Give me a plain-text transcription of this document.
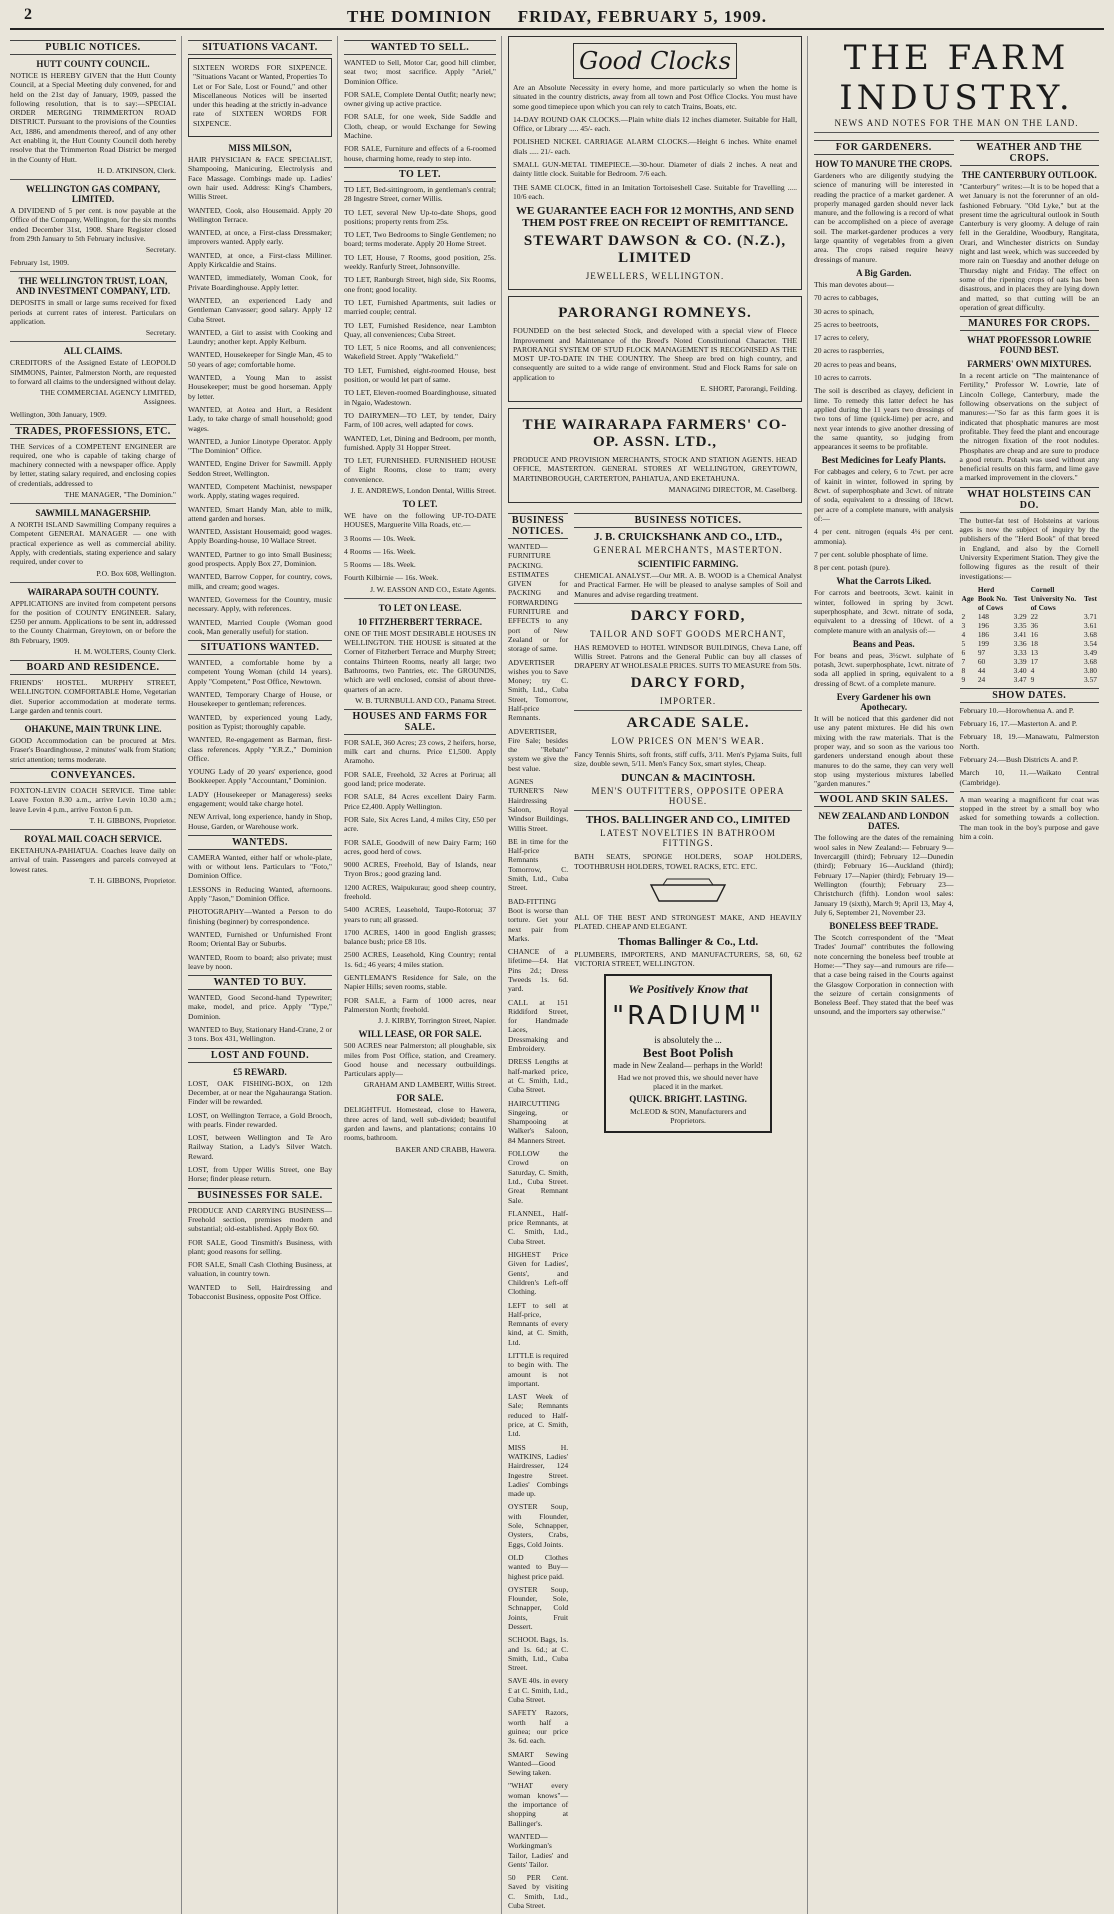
2	THE DOMINION FRIDAY, FEBRUARY 5, 1909.
PUBLIC NOTICES.
HUTT COUNTY COUNCIL.

NOTICE IS HEREBY GIVEN that the Hutt County Council, at a Special Meeting duly convened, for and held on the 21st day of January, 1909, passed the following resolution, that is to say:—SPECIAL ORDER MERGING TRIMMERTON ROAD DISTRICT. Pursuant to the provisions of the Counties Act, 1886, and amendments thereof, and of any other Act enabling it, the Hutt County Council doth hereby resolve that the Trimmerton Road District be merged in the County of Hutt.

H. D. ATKINSON, Clerk.

WELLINGTON GAS COMPANY, LIMITED.

A DIVIDEND of 5 per cent. is now payable at the Office of the Company, Wellington, for the six months ended December 31st, 1908. Share Register closed from 29th January to 5th February inclusive.

Secretary.

February 1st, 1909.

THE WELLINGTON TRUST, LOAN, AND INVESTMENT COMPANY, LTD.

DEPOSITS in small or large sums received for fixed periods at current rates of interest. Particulars on application.

Secretary.

ALL CLAIMS.

CREDITORS of the Assigned Estate of LEOPOLD SIMMONS, Painter, Palmerston North, are requested to forward all claims to the undersigned without delay.

THE COMMERCIAL AGENCY LIMITED, Assignees.

Wellington, 30th January, 1909.

TRADES, PROFESSIONS, ETC.

THE Services of a COMPETENT ENGINEER are required, one who is capable of taking charge of machinery connected with a newspaper office. Apply by letter, stating salary required, and enclosing copies of credentials, addressed to

THE MANAGER, "The Dominion."

SAWMILL MANAGERSHIP.

A NORTH ISLAND Sawmilling Company requires a Competent GENERAL MANAGER — one with practical experience as well as commercial ability. Apply, with credentials, stating experience and salary required, under cover to

P.O. Box 608, Wellington.

WAIRARAPA SOUTH COUNTY.

APPLICATIONS are invited from competent persons for the position of COUNTY ENGINEER. Salary, £250 per annum. Applications to be sent in, addressed to the County Chairman, Greytown, on or before the 8th February, 1909.

H. M. WOLTERS, County Clerk.

BOARD AND RESIDENCE.

FRIENDS' HOSTEL. MURPHY STREET, WELLINGTON. COMFORTABLE Home, Vegetarian diet. Superior accommodation at moderate terms. Large garden and tennis court.

OHAKUNE, MAIN TRUNK LINE.

GOOD Accommodation can be procured at Mrs. Fraser's Boardinghouse, 2 minutes' walk from Station; strict attention; terms moderate.

CONVEYANCES.

FOXTON-LEVIN COACH SERVICE. Time table: Leave Foxton 8.30 a.m., arrive Levin 10.30 a.m.; leave Levin 4 p.m., arrive Foxton 6 p.m.

T. H. GIBBONS, Proprietor.

ROYAL MAIL COACH SERVICE.

EKETAHUNA-PAHIATUA. Coaches leave daily on arrival of train. Passengers and parcels conveyed at lowest rates.

T. H. GIBBONS, Proprietor.

SITUATIONS VACANT.

SIXTEEN WORDS FOR SIXPENCE. "Situations Vacant or Wanted, Properties To Let or For Sale, Lost or Found," and other Miscellaneous Notices will be inserted under this heading at the strictly in-advance rate of SIXTEEN WORDS FOR SIXPENCE.

MISS MILSON,

HAIR PHYSICIAN & FACE SPECIALIST, Shampooing, Manicuring, Electrolysis and Face Massage. Combings made up. Ladies' own hair used. Address: King's Chambers, Willis Street.

WANTED, Cook, also Housemaid. Apply 20 Wellington Terrace.

WANTED, at once, a First-class Dressmaker; improvers wanted. Apply early.

WANTED, at once, a First-class Milliner. Apply Kirkcaldie and Stains.

WANTED, immediately, Woman Cook, for Private Boardinghouse. Apply letter.

WANTED, an experienced Lady and Gentleman Canvasser; good salary. Apply 12 Cuba Street.

WANTED, a Girl to assist with Cooking and Laundry; another kept. Apply Kelburn.

WANTED, Housekeeper for Single Man, 45 to 50 years of age; comfortable home.

WANTED, a Young Man to assist Housekeeper; must be good horseman. Apply by letter.

WANTED, at Aotea and Hurt, a Resident Lady, to take charge of small household; good wages.

WANTED, a Junior Linotype Operator. Apply "The Dominion" Office.

WANTED, Engine Driver for Sawmill. Apply Seddon Street, Wellington.

WANTED, Competent Machinist, newspaper work. Apply, stating wages required.

WANTED, Smart Handy Man, able to milk, attend garden and horses.

WANTED, Assistant Housemaid; good wages. Apply Boarding-house, 10 Wallace Street.

WANTED, Partner to go into Small Business; good prospects. Apply Box 27, Dominion.

WANTED, Barrow Copper, for country, cows, milk, and cream; good wages.

WANTED, Governess for the Country, music necessary. Apply, with references.

WANTED, Married Couple (Woman good cook, Man generally useful) for station.

SITUATIONS WANTED.

WANTED, a comfortable home by a competent Young Woman (child 14 years). Apply "Competent," Post Office, Newtown.

WANTED, Temporary Charge of House, or Housekeeper to gentleman; references.

WANTED, by experienced young Lady, position as Typist; thoroughly capable.

WANTED, Re-engagement as Barman, first-class references. Apply "Y.R.Z.," Dominion Office.

YOUNG Lady of 20 years' experience, good Bookkeeper. Apply "Accountant," Dominion.

LADY (Housekeeper or Manageress) seeks engagement; would take charge hotel.

NEW Arrival, long experience, handy in Shop, House, Garden, or Warehouse work.

WANTEDS.

CAMERA Wanted, either half or whole-plate, with or without lens. Particulars to "Foto," Dominion Office.

LESSONS in Reducing Wanted, afternoons. Apply "Jason," Dominion Office.

PHOTOGRAPHY—Wanted a Person to do finishing (beginner) by correspondence.

WANTED, Furnished or Unfurnished Front Room; Oriental Bay or Suburbs.

WANTED, Room to board; also private; must leave by noon.

WANTED TO BUY.

WANTED, Good Second-hand Typewriter; make, model, and price. Apply "Type," Dominion.

WANTED to Buy, Stationary Hand-Crane, 2 or 3 tons. Box 431, Wellington.

LOST AND FOUND.
£5 REWARD.

LOST, OAK FISHING-BOX, on 12th December, at or near the Ngahauranga Station. Finder will be rewarded.

LOST, on Wellington Terrace, a Gold Brooch, with pearls. Finder rewarded.

LOST, between Wellington and Te Aro Railway Station, a Lady's Silver Watch. Reward.

LOST, from Upper Willis Street, one Bay Horse; finder please return.

BUSINESSES FOR SALE.

PRODUCE AND CARRYING BUSINESS—Freehold section, premises modern and substantial; old-established. Apply Box 60.

FOR SALE, Good Tinsmith's Business, with plant; good reasons for selling.

FOR SALE, Small Cash Clothing Business, at valuation, in country town.

WANTED to Sell, Hairdressing and Tobacconist Business, opposite Post Office.

WANTED TO SELL.

WANTED to Sell, Motor Car, good hill climber, seat two; most sacrifice. Apply "Ariel," Dominion Office.

FOR SALE, Complete Dental Outfit; nearly new; owner giving up active practice.

FOR SALE, for one week, Side Saddle and Cloth, cheap, or would Exchange for Sewing Machine.

FOR SALE, Furniture and effects of a 6-roomed house, charming home, ready to step into.

TO LET.

TO LET, Bed-sittingroom, in gentleman's central; 28 Ingestre Street, corner Willis.

TO LET, several New Up-to-date Shops, good positions; property rents from 25s.

TO LET, Two Bedrooms to Single Gentlemen; no board; terms moderate. Apply 20 Home Street.

TO LET, House, 7 Rooms, good position, 25s. weekly. Ranfurly Street, Johnsonville.

TO LET, Ranburgh Street, high side, Six Rooms, one front; good locality.

TO LET, Furnished Apartments, suit ladies or married couple; central.

TO LET, Furnished Residence, near Lambton Quay, all conveniences; Cuba Street.

TO LET, 5 nice Rooms, and all conveniences; Wakefield Street. Apply "Wakefield."

TO LET, Furnished, eight-roomed House, best position, or would let part of same.

TO LET, Eleven-roomed Boardinghouse, situated in Ngaio, Wadestown.

TO DAIRYMEN—TO LET, by tender, Dairy Farm, of 100 acres, well adapted for cows.

WANTED, Let, Dining and Bedroom, per month, furnished. Apply 31 Hopper Street.

TO LET, FURNISHED. FURNISHED HOUSE of Eight Rooms, close to tram; every convenience.

J. E. ANDREWS, London Dental, Willis Street.

TO LET.

WE have on the following UP-TO-DATE HOUSES, Marguerite Villa Roads, etc.—

3 Rooms — 10s. Week.

4 Rooms — 16s. Week.

5 Rooms — 18s. Week.

Fourth Kilbirnie — 16s. Week.

J. W. EASSON AND CO., Estate Agents.

TO LET ON LEASE.
10 FITZHERBERT TERRACE.

ONE OF THE MOST DESIRABLE HOUSES IN WELLINGTON. THE HOUSE is situated at the Corner of Fitzherbert Terrace and Murphy Street; contains Thirteen Rooms, nearly all large; two Bathrooms, two Pantries, etc. The GROUNDS, which are well enclosed, consist of about three-quarters of an acre.

W. B. TURNBULL AND CO., Panama Street.

HOUSES AND FARMS FOR SALE.

FOR SALE, 360 Acres; 23 cows, 2 heifers, horse, milk cart and churns. Price £1,500. Apply Aramoho.

FOR SALE, Freehold, 32 Acres at Porirua; all good land; price moderate.

FOR SALE, 84 Acres excellent Dairy Farm. Price £2,400. Apply Wellington.

FOR Sale, Six Acres Land, 4 miles City, £50 per acre.

FOR SALE, Goodwill of new Dairy Farm; 160 acres, good herd of cows.

9000 ACRES, Freehold, Bay of Islands, near Tryon Bros.; good grazing land.

1200 ACRES, Waipukurau; good sheep country, freehold.

5400 ACRES, Leasehold, Taupo-Rotorua; 37 years to run; all grassed.

1700 ACRES, 1400 in good English grasses; balance bush; price £8 10s.

2500 ACRES, Leasehold, King Country; rental 1s. 6d.; 46 years; 4 miles station.

GENTLEMAN'S Residence for Sale, on the Napier Hills; seven rooms, stable.

FOR SALE, a Farm of 1000 acres, near Palmerston North; freehold.

J. J. KIRBY, Torrington Street, Napier.

WILL LEASE, OR FOR SALE.

500 ACRES near Palmerston; all ploughable, six miles from Post Office, station, and Creamery. Good house and necessary outbuildings. Particulars apply—

GRAHAM AND LAMBERT, Willis Street.

FOR SALE.

DELIGHTFUL Homestead, close to Hawera, three acres of land, well sub-divided; beautiful garden and lawns, and plantations; contains 10 rooms, bathroom.

BAKER AND CRABB, Hawera.

Good Clocks

Are an Absolute Necessity in every home, and more particularly so when the home is situated in the country districts, away from all town and Post Office Clocks. You must have some good timepiece upon which you can rely to catch Trains, Boats, etc.

14-DAY ROUND OAK CLOCKS.—Plain white dials 12 inches diameter. Suitable for Hall, Office, or Library ..... 45/- each.

POLISHED NICKEL CARRIAGE ALARM CLOCKS.—Height 6 inches. White enamel dials ..... 21/- each.

SMALL GUN-METAL TIMEPIECE.—30-hour. Diameter of dials 2 inches. A neat and dainty little clock. Suitable for Bedroom. 7/6 each.

THE SAME CLOCK, fitted in an Imitation Tortoiseshell Case. Suitable for Travelling ..... 10/6 each.

WE GUARANTEE EACH FOR 12 MONTHS, AND SEND THEM POST FREE ON RECEIPT OF REMITTANCE.
STEWART DAWSON & CO. (N.Z.), LIMITED
JEWELLERS, WELLINGTON.
PARORANGI ROMNEYS.

FOUNDED on the best selected Stock, and developed with a special view of Fleece Improvement and Maintenance of the Breed's Noted Constitutional Character. THE PARORANGI SYSTEM OF STUD FLOCK MANAGEMENT IS RECOGNISED AS THE MOST UP-TO-DATE IN THE COUNTRY. The Sheep are bred on high country, and consequently are suited to a wide range of environment. Stud and Flock Rams for sale on application to

E. SHORT, Parorangi, Feilding.

THE WAIRARAPA FARMERS' CO-OP. ASSN. LTD.,

PRODUCE AND PROVISION MERCHANTS, STOCK AND STATION AGENTS. HEAD OFFICE, MASTERTON. GENERAL STORES AT WELLINGTON, GREYTOWN, MARTINBOROUGH, CARTERTON, PAHIATUA, AND EKETAHUNA.

MANAGING DIRECTOR, M. Caselberg.

BUSINESS NOTICES.

WANTED—FURNITURE PACKING. ESTIMATES GIVEN for PACKING and FORWARDING FURNITURE and EFFECTS to any port of New Zealand or for storage of same.

ADVERTISER wishes you to Save Money; try C. Smith, Ltd., Cuba Street, Tomorrow, Half-price Remnants.

ADVERTISER, Fire Sale; besides the "Rebate" system we give the best value.

AGNES TURNER'S New Hairdressing Saloon, Royal Windsor Buildings, Willis Street.

BE in time for the Half-price Remnants Tomorrow, C. Smith, Ltd., Cuba Street.

BAD-FITTING Boot is worse than torture. Get your next pair from Marks.

CHANCE of a lifetime—£4. Hat Pins 2d.; Dress Tweeds 1s. 6d. yard.

CALL at 151 Riddiford Street, for Handmade Laces, Dressmaking and Embroidery.

DRESS Lengths at half-marked price, at C. Smith, Ltd., Cuba Street.

HAIRCUTTING Singeing, or Shampooing at Walker's Saloon, 84 Manners Street.

FOLLOW the Crowd on Saturday, C. Smith, Ltd., Cuba Street. Great Remnant Sale.

FLANNEL, Half-price Remnants, at C. Smith, Ltd., Cuba Street.

HIGHEST Price Given for Ladies', Gents', and Children's Left-off Clothing.

LEFT to sell at Half-price, Remnants of every kind, at C. Smith, Ltd.

LITTLE is required to begin with. The amount is not important.

LAST Week of Sale; Remnants reduced to Half-price, at C. Smith, Ltd.

MISS H. WATKINS, Ladies' Hairdresser, 124 Ingestre Street. Ladies' Combings made up.

OYSTER Soup, with Flounder, Sole, Schnapper, Oysters, Crabs, Eggs, Cold Joints.

OLD Clothes wanted to Buy—highest price paid.

OYSTER Soup, Flounder, Sole, Schnapper, Cold Joints, Fruit Dessert.

SCHOOL Bags, 1s. and 1s. 6d.; at C. Smith, Ltd., Cuba Street.

SAVE 40s. in every £ at C. Smith, Ltd., Cuba Street.

SAFETY Razors, worth half a guinea; our price 3s. 6d. each.

SMART Sewing Wanted—Good Sewing taken.

"WHAT every woman knows"—the importance of shopping at Ballinger's.

WANTED—Workingman's Tailor, Ladies' and Gents' Tailor.

50 PER Cent. Saved by visiting C. Smith, Ltd., Cuba Street.

BUSINESS NOTICES.
J. B. CRUICKSHANK AND CO., LTD.,
GENERAL MERCHANTS, MASTERTON.
SCIENTIFIC FARMING.

CHEMICAL ANALYST.—Our MR. A. B. WOOD is a Chemical Analyst and Practical Farmer. He will be pleased to analyse samples of Soil and Manures and advise regarding treatment.

DARCY FORD,
TAILOR AND SOFT GOODS MERCHANT,

HAS REMOVED to HOTEL WINDSOR BUILDINGS, Cheva Lane, off Willis Street. Patrons and the General Public can buy all classes of DRAPERY AT WHOLESALE PRICES. SUITS TO MEASURE from 50s.

DARCY FORD,
IMPORTER.
ARCADE SALE.
LOW PRICES ON MEN'S WEAR.

Fancy Tennis Shirts, soft fronts, stiff cuffs, 3/11. Men's Pyjama Suits, full size, double sewn, 5/11. Men's Fancy Sox, smart styles, Cheap.

DUNCAN & MACINTOSH.
MEN'S OUTFITTERS, OPPOSITE OPERA HOUSE.
THOS. BALLINGER AND CO., LIMITED
LATEST NOVELTIES IN BATHROOM FITTINGS.

BATH SEATS, SPONGE HOLDERS, SOAP HOLDERS, TOOTHBRUSH HOLDERS, TOWEL RACKS, ETC. ETC.

ALL OF THE BEST AND STRONGEST MAKE, AND HEAVILY PLATED. CHEAP AND ELEGANT.

Thomas Ballinger & Co., Ltd.

PLUMBERS, IMPORTERS, AND MANUFACTURERS, 58, 60, 62 VICTORIA STREET, WELLINGTON.

We Positively Know that
"RADIUM"
is absolutely the ...
Best Boot Polish
made in New Zealand— perhaps in the World!
Had we not proved this, we should never have placed it in the market.
QUICK. BRIGHT. LASTING.
McLEOD & SON, Manufacturers and Proprietors.
THE FARM INDUSTRY.
NEWS AND NOTES FOR THE MAN ON THE LAND.
FOR GARDENERS.
HOW TO MANURE THE CROPS.

Gardeners who are diligently studying the science of manuring will be interested in reading the practice of a market gardener. A properly managed garden should never lack manure, and the following is a record of what can be accomplished on a piece of average soil. The market-gardener produces a very large quantity of vegetables from a given area. The crops raised require heavy dressings of manure.

A Big Garden.

This man devotes about—

70 acres to cabbages,

30 acres to spinach,

25 acres to beetroots,

17 acres to celery,

20 acres to raspberries,

20 acres to peas and beans,

10 acres to carrots.

The soil is described as clayey, deficient in lime. To remedy this latter defect he has applied during the 11 years two dressings of two tons of lime (quick-lime) per acre, and next year intends to give another dressing of the same quantity, so judging from appearances it seems to be profitable.

Best Medicines for Leafy Plants.

For cabbages and celery, 6 to 7cwt. per acre of kainit in winter, followed in spring by 8cwt. of superphosphate and 3cwt. of nitrate of soda, equivalent to a dressing of 18cwt. per acre of a complete manure, with analysis of:—

4 per cent. nitrogen (equals 4¼ per cent. ammonia).

7 per cent. soluble phosphate of lime.

8 per cent. potash (pure).

What the Carrots Liked.

For carrots and beetroots, 3cwt. kainit in winter, followed in spring by 3cwt. superphosphate, and 3cwt. nitrate of soda, equivalent to a dressing of 10cwt. of a complete manure with an analysis of:—

Beans and Peas.

For beans and peas, 3½cwt. sulphate of potash, 3cwt. superphosphate, 1cwt. nitrate of soda all applied in spring, equivalent to a dressing of 8cwt. of a complete manure.

Every Gardener his own Apothecary.

It will be noticed that this gardener did not use any patent mixtures. He did his own mixing with the raw materials. That is the proper way, and so soon as the various too gardeners understand enough about these manures to do the same, they can very well stop using mysterious mixtures labelled "garden manures."

WOOL AND SKIN SALES.
NEW ZEALAND AND LONDON DATES.

The following are the dates of the remaining wool sales in New Zealand:— February 9—Invercargill (third); February 12—Dunedin (third); February 16—Auckland (third); February 17—Napier (third); February 19—Wellington (fourth); February 23—Christchurch (fifth). London wool sales: January 19 (sixth), March 9; April 13, May 4, July 6, September 21, November 23.

BONELESS BEEF TRADE.

The Scotch correspondent of the "Meat Trades' Journal" contributes the following note concerning the boneless beef trouble at Home:—"They say—and rumours are rife—that a case being raised in the Courts against the Glasgow Corporation in connection with the seizure of certain consignments of Boneless Beef. They stated that the beef was unsound, and the importers say otherwise."

WEATHER AND THE CROPS.
THE CANTERBURY OUTLOOK.

"Canterbury" writes:—It is to be hoped that a wet January is not the forerunner of an old-fashioned February. "Old Lyke," but at the present time the agricultural outlook in South Canterbury is very gloomy. A deluge of rain fell in the Geraldine, Woodbury, Rangitata, Orari, and Winchester districts on Sunday night and last week, which was succeeded by more rain on Tuesday and another deluge on Thursday night and Friday. The effect on some of the ripening crops of oats has been disastrous, and in places they are lying down and matted, so that cutting will be an operation of great difficulty.

MANURES FOR CROPS.
WHAT PROFESSOR LOWRIE FOUND BEST.
FARMERS' OWN MIXTURES.

In a recent article on "The maintenance of Fertility," Professor W. Lowrie, late of Lincoln College, Canterbury, made the following observations on the subject of manures:—"So far as this farm goes it is indicated that phosphatic manures are most profitable. They feed the plant and encourage the nitrogen fixation of the root nodules. Phosphates are cheap and are sure to produce a good return. Potash was used without any beneficial results on this farm, and lime gave a marked improvement in the clovers."

WHAT HOLSTEINS CAN DO.

The butter-fat test of Holsteins at various ages is now the subject of inquiry by the publishers of the "Herd Book" of that breed in England, and also by the Cornell University Experiment Station. They give the following figures as the result of their investigations:—

Age	Herd Book No. of Cows	Test	Cornell University No. of Cows	Test
2	148	3.29	22	3.71
3	196	3.35	36	3.61
4	186	3.41	16	3.68
5	199	3.36	18	3.54
6	97	3.33	13	3.49
7	60	3.39	17	3.68
8	44	3.40	4	3.80
9	24	3.47	9	3.57
SHOW DATES.

February 10.—Horowhenua A. and P.

February 16, 17.—Masterton A. and P.

February 18, 19.—Manawatu, Palmerston North.

February 24.—Bush Districts A. and P.

March 10, 11.—Waikato Central (Cambridge).

A man wearing a magnificent fur coat was stopped in the street by a small boy who asked for something towards a collection. The man took in the boy's purpose and gave him a coin.
